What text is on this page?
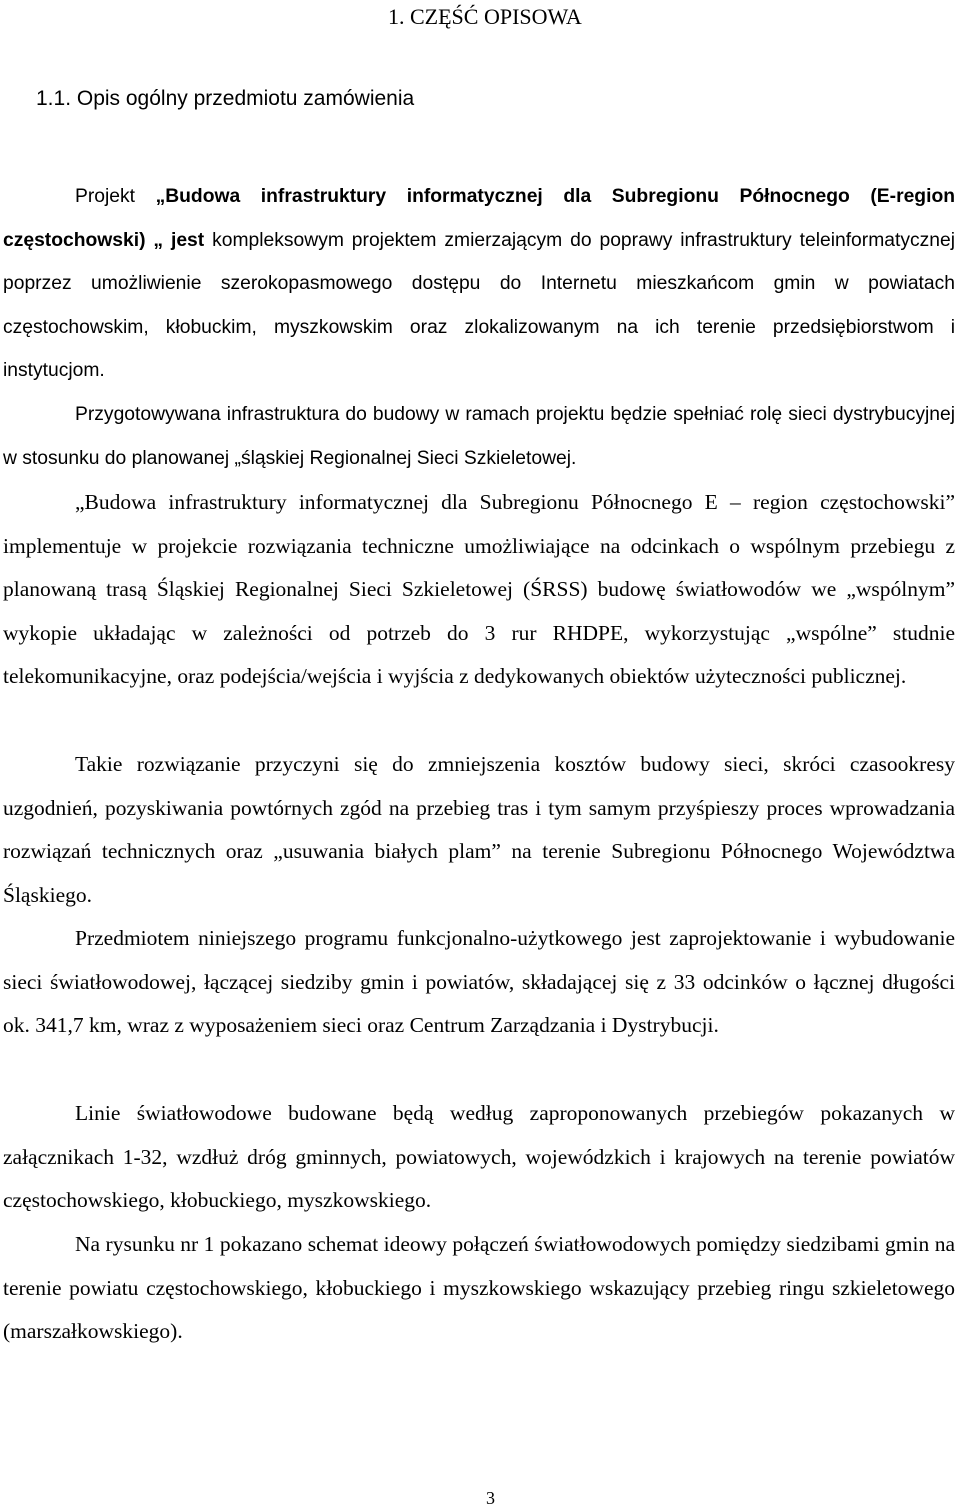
1. CZĘŚĆ OPISOWA
1.1. Opis ogólny przedmiotu zamówienia

Projekt „Budowa infrastruktury informatycznej dla Subregionu Północnego (E-region częstochowski) „ jest kompleksowym projektem zmierzającym do poprawy infrastruktury teleinformatycznej poprzez umożliwienie szerokopasmowego dostępu do Internetu mieszkańcom gmin w powiatach częstochowskim, kłobuckim, myszkowskim oraz zlokalizowanym na ich terenie przedsiębiorstwom i instytucjom.

Przygotowywana infrastruktura do budowy w ramach projektu będzie spełniać rolę sieci dystrybucyjnej w stosunku do planowanej „śląskiej Regionalnej Sieci Szkieletowej.

„Budowa infrastruktury informatycznej dla Subregionu Północnego E – region częstochowski” implementuje w projekcie rozwiązania techniczne umożliwiające na odcinkach o wspólnym przebiegu z planowaną trasą Śląskiej Regionalnej Sieci Szkieletowej (ŚRSS) budowę światłowodów we „wspólnym” wykopie układając w zależności od potrzeb do 3 rur RHDPE, wykorzystując „wspólne” studnie telekomunikacyjne, oraz podejścia/wejścia i wyjścia z dedykowanych obiektów użyteczności publicznej.

Takie rozwiązanie przyczyni się do zmniejszenia kosztów budowy sieci, skróci czasookresy uzgodnień, pozyskiwania powtórnych zgód na przebieg tras i tym samym przyśpieszy proces wprowadzania rozwiązań technicznych oraz „usuwania białych plam” na terenie Subregionu Północnego Województwa Śląskiego.

Przedmiotem niniejszego programu funkcjonalno-użytkowego jest zaprojektowanie i wybudowanie sieci światłowodowej, łączącej siedziby gmin i powiatów, składającej się z 33 odcinków o łącznej długości ok. 341,7 km, wraz z wyposażeniem sieci oraz Centrum Zarządzania i Dystrybucji.

Linie światłowodowe budowane będą według zaproponowanych przebiegów pokazanych w załącznikach 1-32, wzdłuż dróg gminnych, powiatowych, wojewódzkich i krajowych na terenie powiatów częstochowskiego, kłobuckiego, myszkowskiego.

Na rysunku nr 1 pokazano schemat ideowy połączeń światłowodowych pomiędzy siedzibami gmin na terenie powiatu częstochowskiego, kłobuckiego i myszkowskiego wskazujący przebieg ringu szkieletowego (marszałkowskiego).

3
